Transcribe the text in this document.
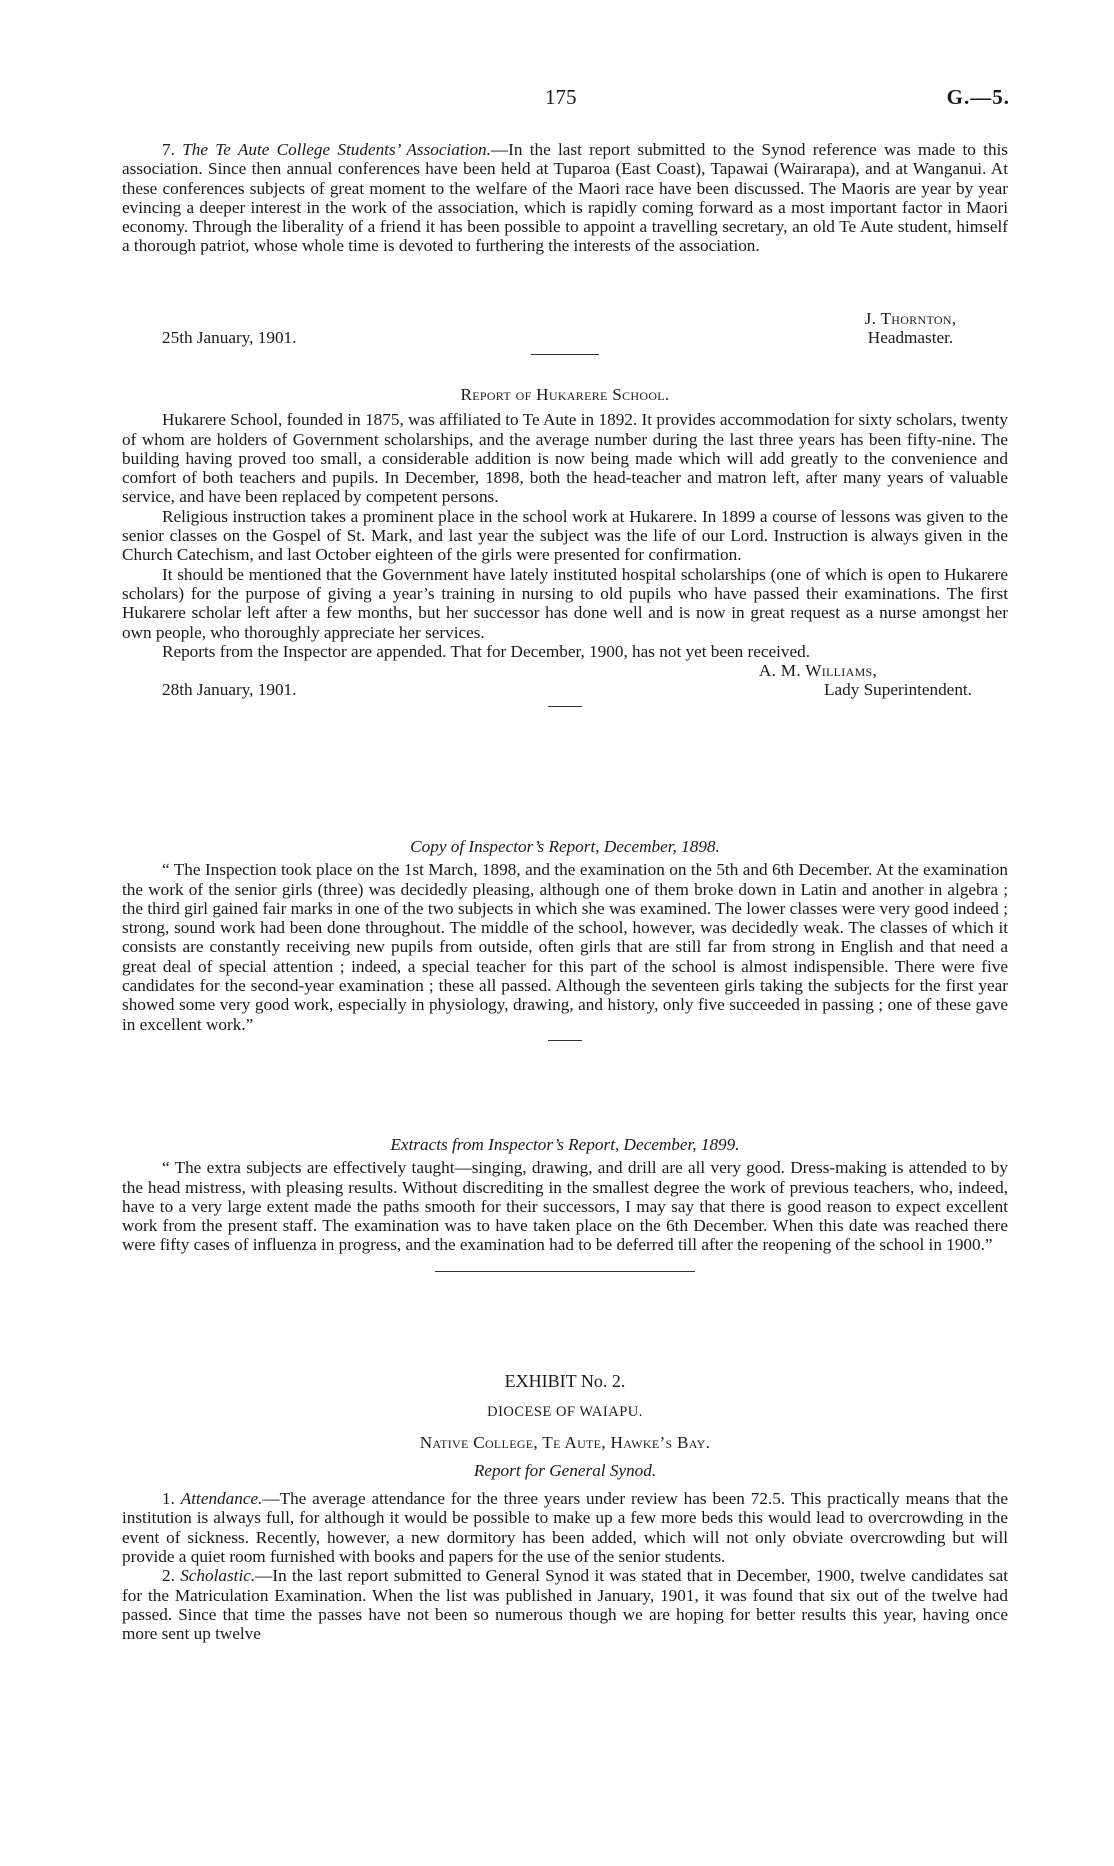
175	G.—5.

7. The Te Aute College Students’ Association.—In the last report submitted to the Synod reference was made to this association. Since then annual conferences have been held at Tuparoa (East Coast), Tapawai (Wairarapa), and at Wanganui. At these conferences subjects of great moment to the welfare of the Maori race have been discussed. The Maoris are year by year evincing a deeper interest in the work of the association, which is rapidly coming forward as a most important factor in Maori economy. Through the liberality of a friend it has been possible to appoint a travelling secretary, an old Te Aute student, himself a thorough patriot, whose whole time is devoted to furthering the interests of the association.

J. Thornton,
25th January, 1901.	Headmaster.

Report of Hukarere School.

Hukarere School, founded in 1875, was affiliated to Te Aute in 1892. It provides accommodation for sixty scholars, twenty of whom are holders of Government scholarships, and the average number during the last three years has been fifty-nine. The building having proved too small, a considerable addition is now being made which will add greatly to the convenience and comfort of both teachers and pupils. In December, 1898, both the head-teacher and matron left, after many years of valuable service, and have been replaced by competent persons.

Religious instruction takes a prominent place in the school work at Hukarere. In 1899 a course of lessons was given to the senior classes on the Gospel of St. Mark, and last year the subject was the life of our Lord. Instruction is always given in the Church Catechism, and last October eighteen of the girls were presented for confirmation.

It should be mentioned that the Government have lately instituted hospital scholarships (one of which is open to Hukarere scholars) for the purpose of giving a year’s training in nursing to old pupils who have passed their examinations. The first Hukarere scholar left after a few months, but her successor has done well and is now in great request as a nurse amongst her own people, who thoroughly appreciate her services.

Reports from the Inspector are appended. That for December, 1900, has not yet been received.

A. M. Williams,
28th January, 1901.	Lady Superintendent.

Copy of Inspector’s Report, December, 1898.

“ The Inspection took place on the 1st March, 1898, and the examination on the 5th and 6th December. At the examination the work of the senior girls (three) was decidedly pleasing, although one of them broke down in Latin and another in algebra ; the third girl gained fair marks in one of the two subjects in which she was examined. The lower classes were very good indeed ; strong, sound work had been done throughout. The middle of the school, however, was decidedly weak. The classes of which it consists are constantly receiving new pupils from outside, often girls that are still far from strong in English and that need a great deal of special attention ; indeed, a special teacher for this part of the school is almost indispensible. There were five candidates for the second-year examination ; these all passed. Although the seventeen girls taking the subjects for the first year showed some very good work, especially in physiology, drawing, and history, only five succeeded in passing ; one of these gave in excellent work.”

Extracts from Inspector’s Report, December, 1899.

“ The extra subjects are effectively taught—singing, drawing, and drill are all very good. Dress-making is attended to by the head mistress, with pleasing results. Without discrediting in the smallest degree the work of previous teachers, who, indeed, have to a very large extent made the paths smooth for their successors, I may say that there is good reason to expect excellent work from the present staff. The examination was to have taken place on the 6th December. When this date was reached there were fifty cases of influenza in progress, and the examination had to be deferred till after the reopening of the school in 1900.”

EXHIBIT No. 2.

DIOCESE OF WAIAPU.

Native College, Te Aute, Hawke’s Bay.

Report for General Synod.

1. Attendance.—The average attendance for the three years under review has been 72.5. This practically means that the institution is always full, for although it would be possible to make up a few more beds this would lead to overcrowding in the event of sickness. Recently, however, a new dormitory has been added, which will not only obviate overcrowding but will provide a quiet room furnished with books and papers for the use of the senior students.

2. Scholastic.—In the last report submitted to General Synod it was stated that in December, 1900, twelve candidates sat for the Matriculation Examination. When the list was published in January, 1901, it was found that six out of the twelve had passed. Since that time the passes have not been so numerous though we are hoping for better results this year, having once more sent up twelve
